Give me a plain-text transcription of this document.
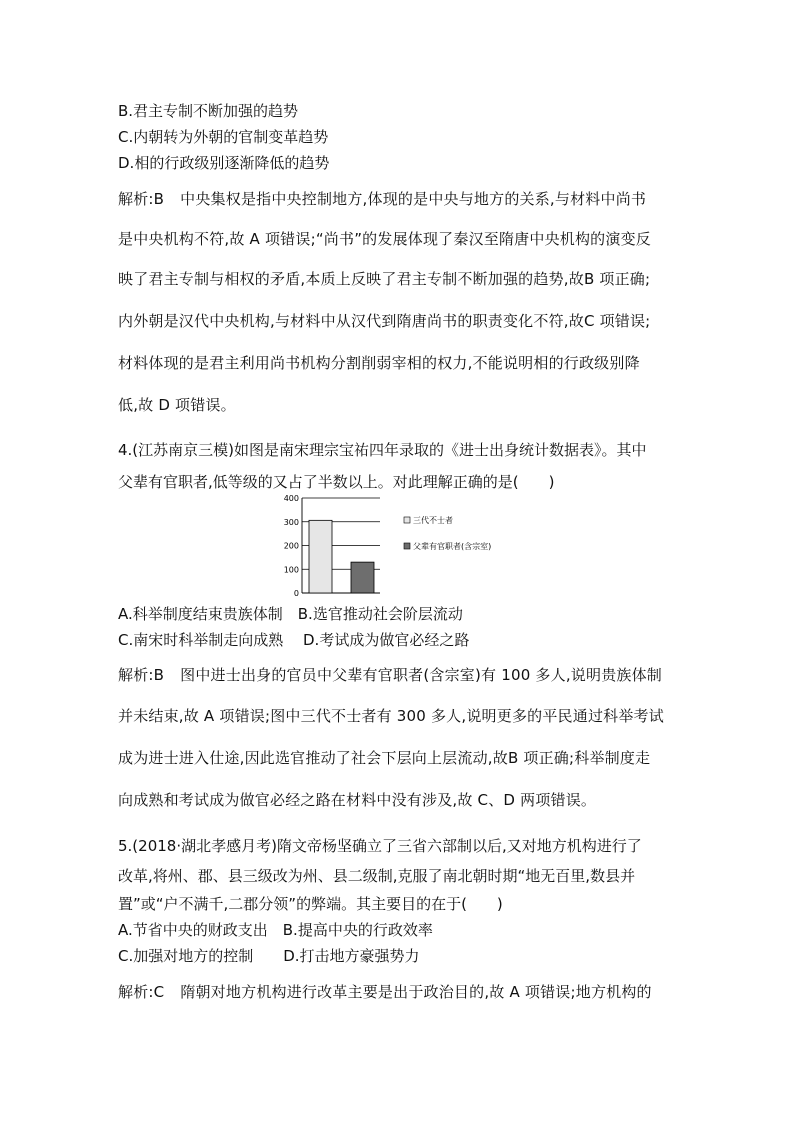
B.君主专制不断加强的趋势
C.内朝转为外朝的官制变革趋势
D.相的行政级别逐渐降低的趋势
解析:B 中央集权是指中央控制地方,体现的是中央与地方的关系,与材料中尚书
是中央机构不符,故 A 项错误;“尚书”的发展体现了秦汉至隋唐中央机构的演变反
映了君主专制与相权的矛盾,本质上反映了君主专制不断加强的趋势,故B 项正确;
内外朝是汉代中央机构,与材料中从汉代到隋唐尚书的职责变化不符,故C 项错误;
材料体现的是君主利用尚书机构分割削弱宰相的权力,不能说明相的行政级别降
低,故 D 项错误。
4.(江苏南京三模)如图是南宋理宗宝祐四年录取的《进士出身统计数据表》。其中
父辈有官职者,低等级的又占了半数以上。对此理解正确的是(　　)
0
100
200
300
400
三代不士者
父辈有官职者(含宗室)
A.科举制度结束贵族体制　B.选官推动社会阶层流动
C.南宋时科举制走向成熟　 D.考试成为做官必经之路
解析:B 图中进士出身的官员中父辈有官职者(含宗室)有 100 多人,说明贵族体制
并未结束,故 A 项错误;图中三代不士者有 300 多人,说明更多的平民通过科举考试
成为进士进入仕途,因此选官推动了社会下层向上层流动,故B 项正确;科举制度走
向成熟和考试成为做官必经之路在材料中没有涉及,故 C、D 两项错误。
5.(2018·湖北孝感月考)隋文帝杨坚确立了三省六部制以后,又对地方机构进行了
改革,将州、郡、县三级改为州、县二级制,克服了南北朝时期“地无百里,数县并
置”或“户不满千,二郡分领”的弊端。其主要目的在于(　　)
A.节省中央的财政支出　B.提高中央的行政效率
C.加强对地方的控制　　D.打击地方豪强势力
解析:C 隋朝对地方机构进行改革主要是出于政治目的,故 A 项错误;地方机构的
